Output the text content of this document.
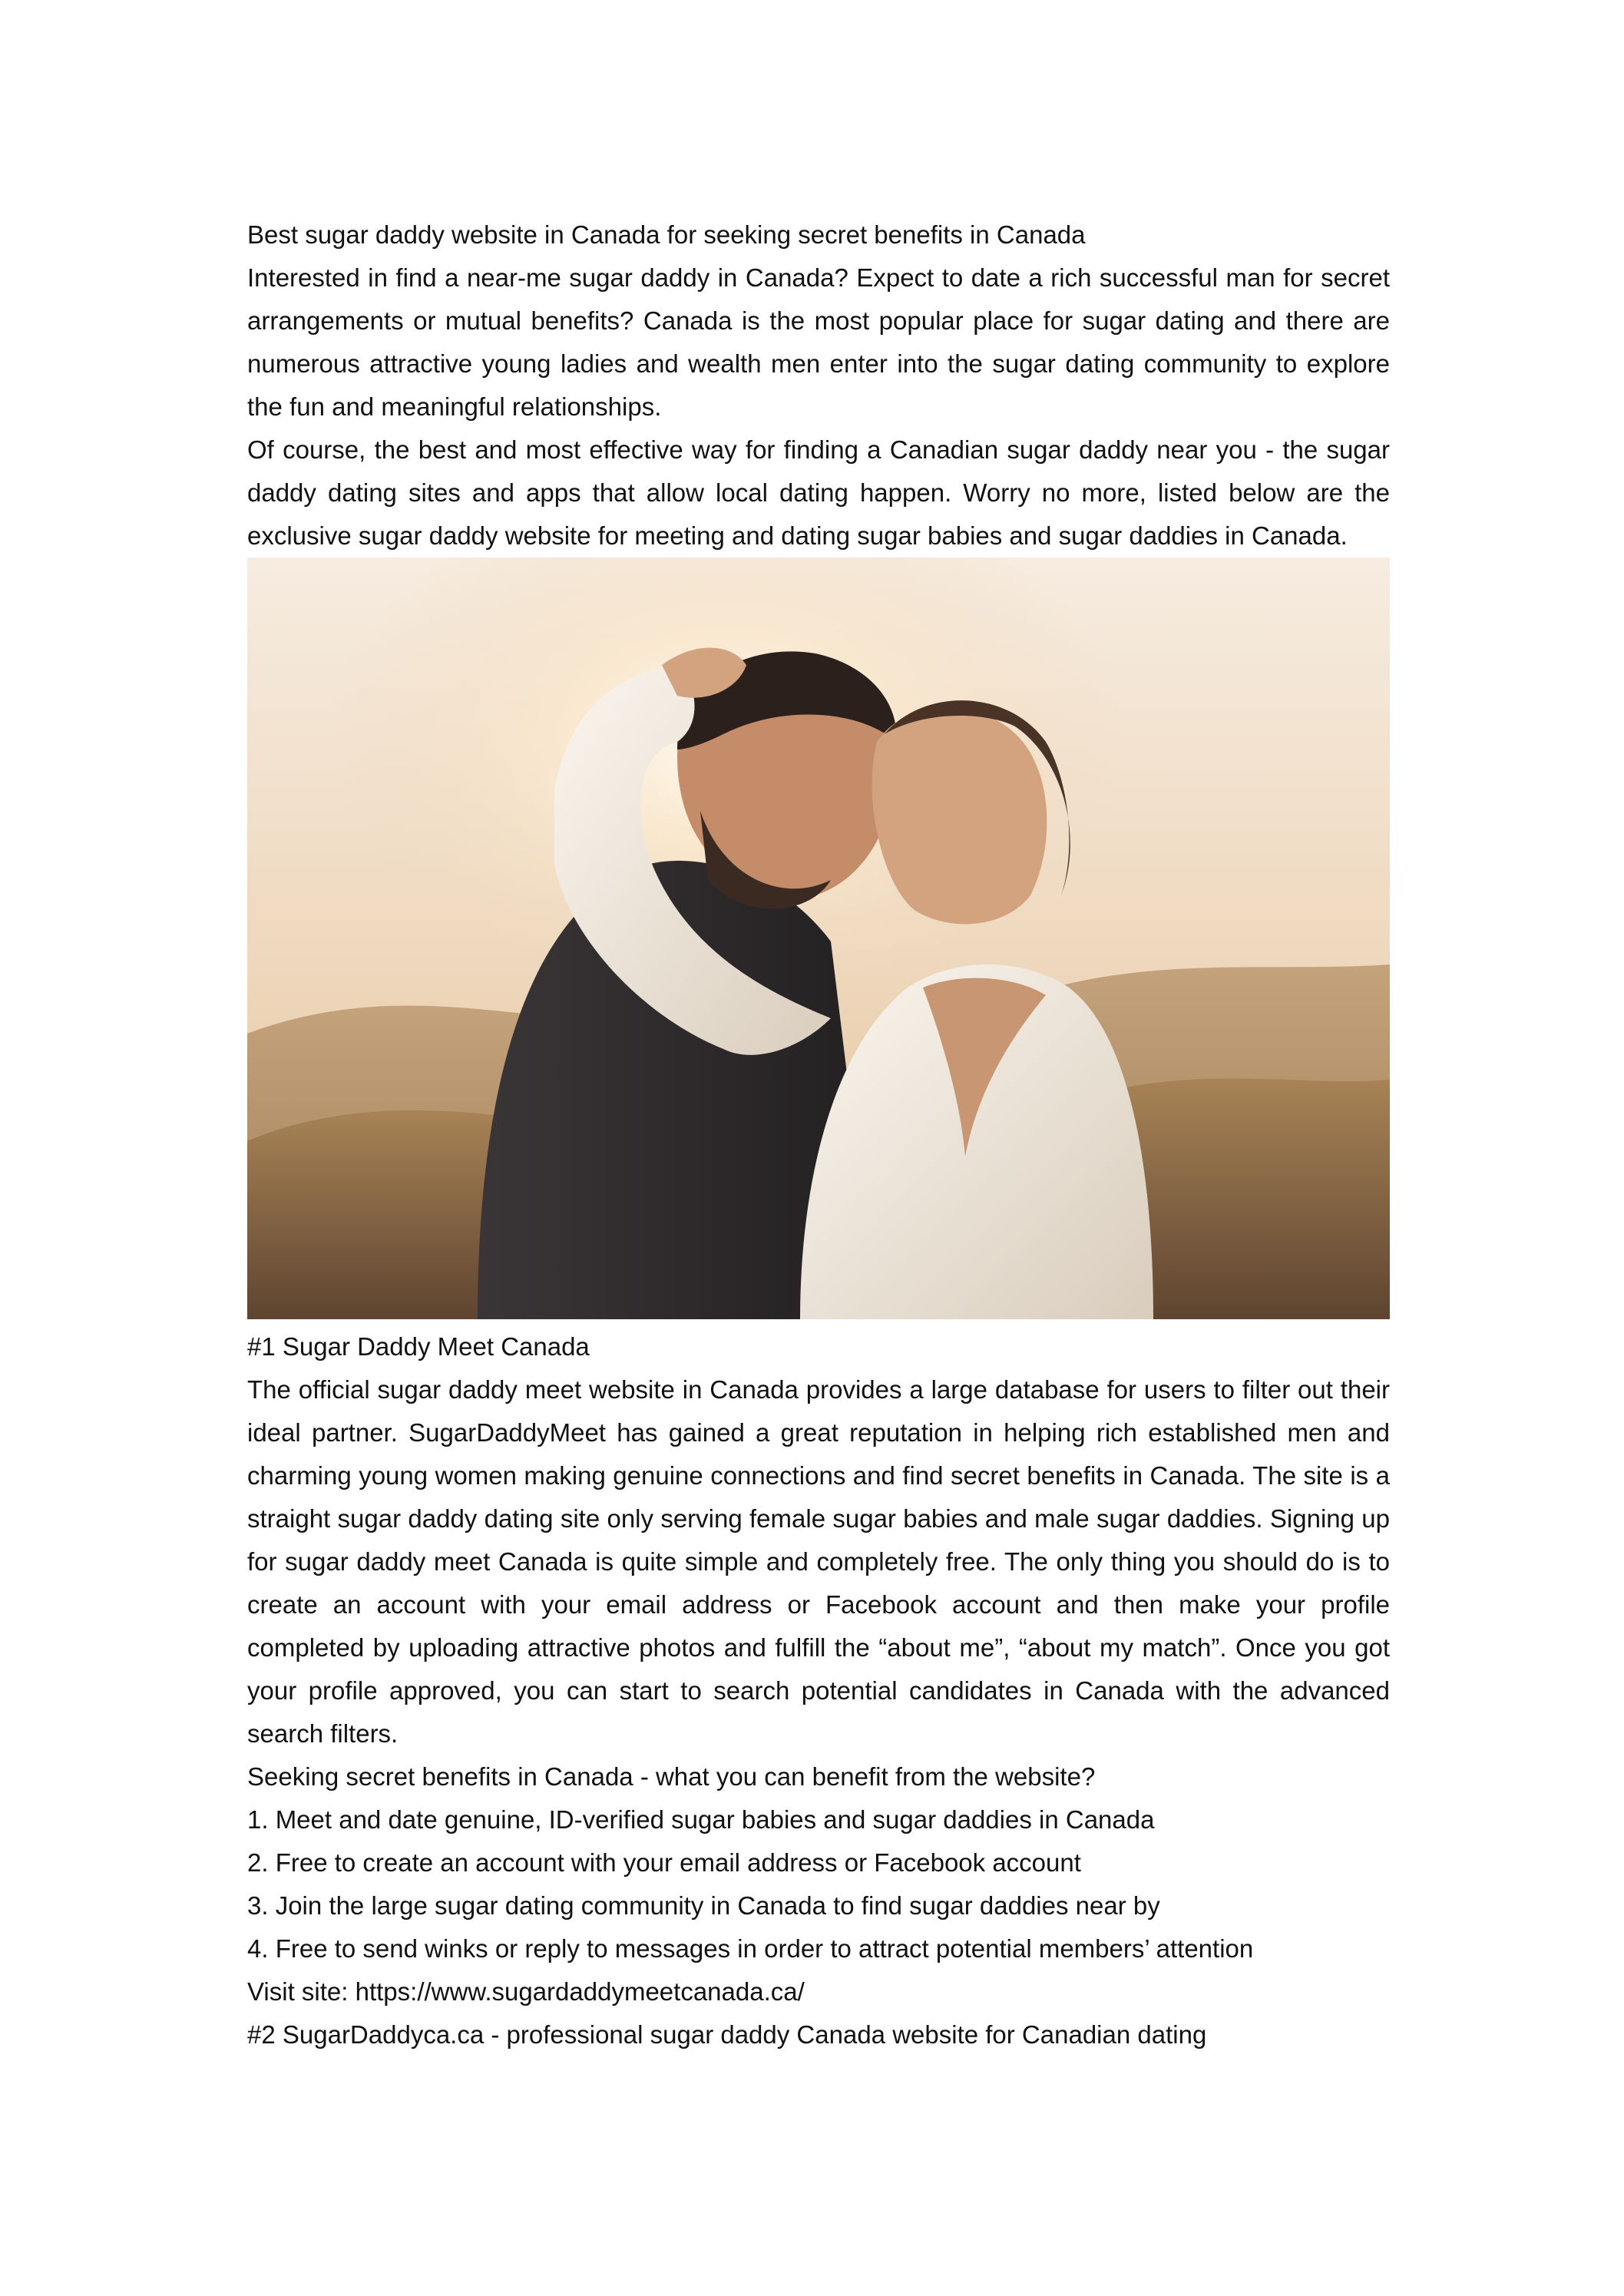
Best sugar daddy website in Canada for seeking secret benefits in Canada

Interested in find a near-me sugar daddy in Canada? Expect to date a rich successful man for secret arrangements or mutual benefits? Canada is the most popular place for sugar dating and there are numerous attractive young ladies and wealth men enter into the sugar dating community to explore the fun and meaningful relationships.

Of course, the best and most effective way for finding a Canadian sugar daddy near you - the sugar daddy dating sites and apps that allow local dating happen. Worry no more, listed below are the exclusive sugar daddy website for meeting and dating sugar babies and sugar daddies in Canada.

#1 Sugar Daddy Meet Canada

The official sugar daddy meet website in Canada provides a large database for users to filter out their ideal partner. SugarDaddyMeet has gained a great reputation in helping rich established men and charming young women making genuine connections and find secret benefits in Canada. The site is a straight sugar daddy dating site only serving female sugar babies and male sugar daddies. Signing up for sugar daddy meet Canada is quite simple and completely free. The only thing you should do is to create an account with your email address or Facebook account and then make your profile completed by uploading attractive photos and fulfill the “about me”, “about my match”. Once you got your profile approved, you can start to search potential candidates in Canada with the advanced search filters.

Seeking secret benefits in Canada - what you can benefit from the website?

1. Meet and date genuine, ID-verified sugar babies and sugar daddies in Canada
2. Free to create an account with your email address or Facebook account
3. Join the large sugar dating community in Canada to find sugar daddies near by
4. Free to send winks or reply to messages in order to attract potential members’ attention

Visit site: https://www.sugardaddymeetcanada.ca/

#2 SugarDaddyca.ca - professional sugar daddy Canada website for Canadian dating
